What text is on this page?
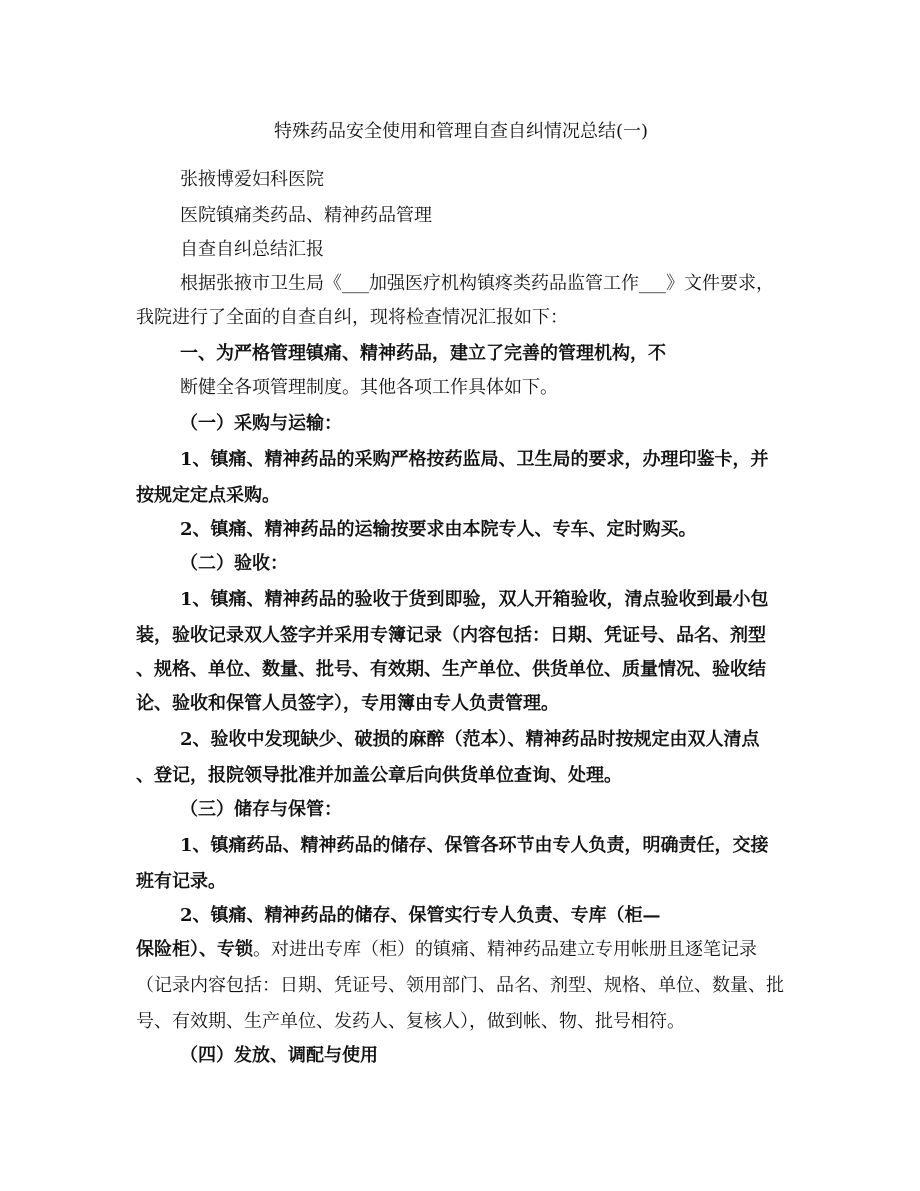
特殊药品安全使用和管理自查自纠情况总结(一)
张掖博爱妇科医院
医院镇痛类药品、精神药品管理
自查自纠总结汇报
根据张掖市卫生局《___加强医疗机构镇疼类药品监管工作___》文件要求，
我院进行了全面的自查自纠，现将检查情况汇报如下：
一、为严格管理镇痛、精神药品，建立了完善的管理机构，不
断健全各项管理制度。其他各项工作具体如下。
（一）采购与运输：
1、镇痛、精神药品的采购严格按药监局、卫生局的要求，办理印鉴卡，并
按规定定点采购。
2、镇痛、精神药品的运输按要求由本院专人、专车、定时购买。
（二）验收：
1、镇痛、精神药品的验收于货到即验，双人开箱验收，清点验收到最小包
装，验收记录双人签字并采用专簿记录（内容包括：日期、凭证号、品名、剂型
、规格、单位、数量、批号、有效期、生产单位、供货单位、质量情况、验收结
论、验收和保管人员签字），专用簿由专人负责管理。
2、验收中发现缺少、破损的麻醉（范本）、精神药品时按规定由双人清点
、登记，报院领导批准并加盖公章后向供货单位查询、处理。
（三）储存与保管：
1、镇痛药品、精神药品的储存、保管各环节由专人负责，明确责任，交接
班有记录。
2、镇痛、精神药品的储存、保管实行专人负责、专库（柜—
保险柜）、专锁。对进出专库（柜）的镇痛、精神药品建立专用帐册且逐笔记录
（记录内容包括：日期、凭证号、领用部门、品名、剂型、规格、单位、数量、批
号、有效期、生产单位、发药人、复核人），做到帐、物、批号相符。
（四）发放、调配与使用
